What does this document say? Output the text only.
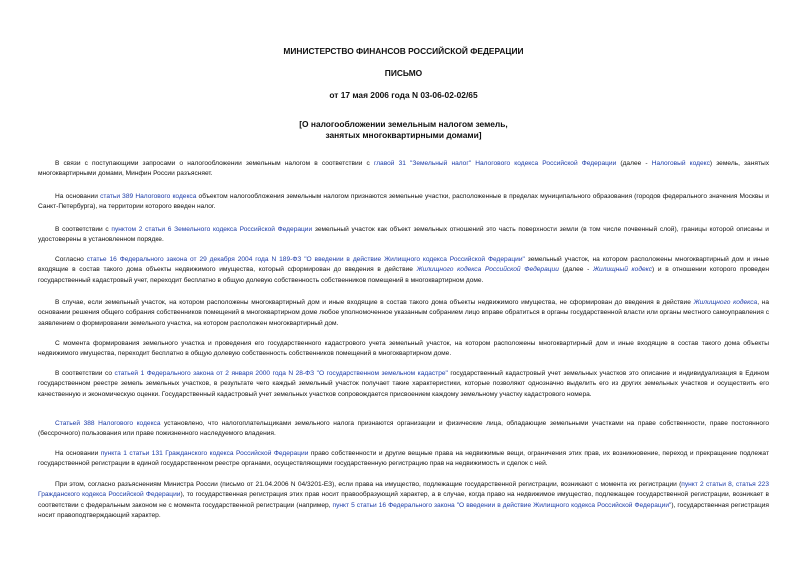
МИНИСТЕРСТВО ФИНАНСОВ РОССИЙСКОЙ ФЕДЕРАЦИИ
ПИСЬМО
от 17 мая 2006 года N 03-06-02-02/65
[О налогообложении земельным налогом земель,
занятых многоквартирными домами]

В связи с поступающими запросами о налогообложении земельным налогом в соответствии с главой 31 "Земельный налог" Налогового кодекса Российской Федерации (далее - Налоговый кодекс) земель, занятых многоквартирными домами, Минфин России разъясняет.

На основании статьи 389 Налогового кодекса объектом налогообложения земельным налогом признаются земельные участки, расположенные в пределах муниципального образования (городов федерального значения Москвы и Санкт-Петербурга), на территории которого введен налог.

В соответствии с пунктом 2 статьи 6 Земельного кодекса Российской Федерации земельный участок как объект земельных отношений это часть поверхности земли (в том числе почвенный слой), границы которой описаны и удостоверены в установленном порядке.

Согласно статье 16 Федерального закона от 29 декабря 2004 года N 189-ФЗ "О введении в действие Жилищного кодекса Российской Федерации" земельный участок, на котором расположены многоквартирный дом и иные входящие в состав такого дома объекты недвижимого имущества, который сформирован до введения в действие Жилищного кодекса Российской Федерации (далее - Жилищный кодекс) и в отношении которого проведен государственный кадастровый учет, переходит бесплатно в общую долевую собственность собственников помещений в многоквартирном доме.

В случае, если земельный участок, на котором расположены многоквартирный дом и иные входящие в состав такого дома объекты недвижимого имущества, не сформирован до введения в действие Жилищного кодекса, на основании решения общего собрания собственников помещений в многоквартирном доме любое уполномоченное указанным собранием лицо вправе обратиться в органы государственной власти или органы местного самоуправления с заявлением о формировании земельного участка, на котором расположен многоквартирный дом.

С момента формирования земельного участка и проведения его государственного кадастрового учета земельный участок, на котором расположены многоквартирный дом и иные входящие в состав такого дома объекты недвижимого имущества, переходит бесплатно в общую долевую собственность собственников помещений в многоквартирном доме.

В соответствии со статьей 1 Федерального закона от 2 января 2000 года N 28-ФЗ "О государственном земельном кадастре" государственный кадастровый учет земельных участков это описание и индивидуализация в Едином государственном реестре земель земельных участков, в результате чего каждый земельный участок получает такие характеристики, которые позволяют однозначно выделить его из других земельных участков и осуществить его качественную и экономическую оценки. Государственный кадастровый учет земельных участков сопровождается присвоением каждому земельному участку кадастрового номера.

Статьей 388 Налогового кодекса установлено, что налогоплательщиками земельного налога признаются организации и физические лица, обладающие земельными участками на праве собственности, праве постоянного (бессрочного) пользования или праве пожизненного наследуемого владения.

На основании пункта 1 статьи 131 Гражданского кодекса Российской Федерации право собственности и другие вещные права на недвижимые вещи, ограничения этих прав, их возникновение, переход и прекращение подлежат государственной регистрации в единой государственном реестре органами, осуществляющими государственную регистрацию прав на недвижимость и сделок с ней.

При этом, согласно разъяснениям Министра России (письмо от 21.04.2006 N 04/3201-ЕЗ), если права на имущество, подлежащие государственной регистрации, возникают с момента их регистрации (пункт 2 статьи 8, статья 223 Гражданского кодекса Российской Федерации), то государственная регистрация этих прав носит правообразующий характер, а в случае, когда право на недвижимое имущество, подлежащее государственной регистрации, возникает в соответствии с федеральным законом не с момента государственной регистрации (например, пункт 5 статьи 16 Федерального закона "О введении в действие Жилищного кодекса Российской Федерации"), государственная регистрация носит правоподтверждающий характер.
